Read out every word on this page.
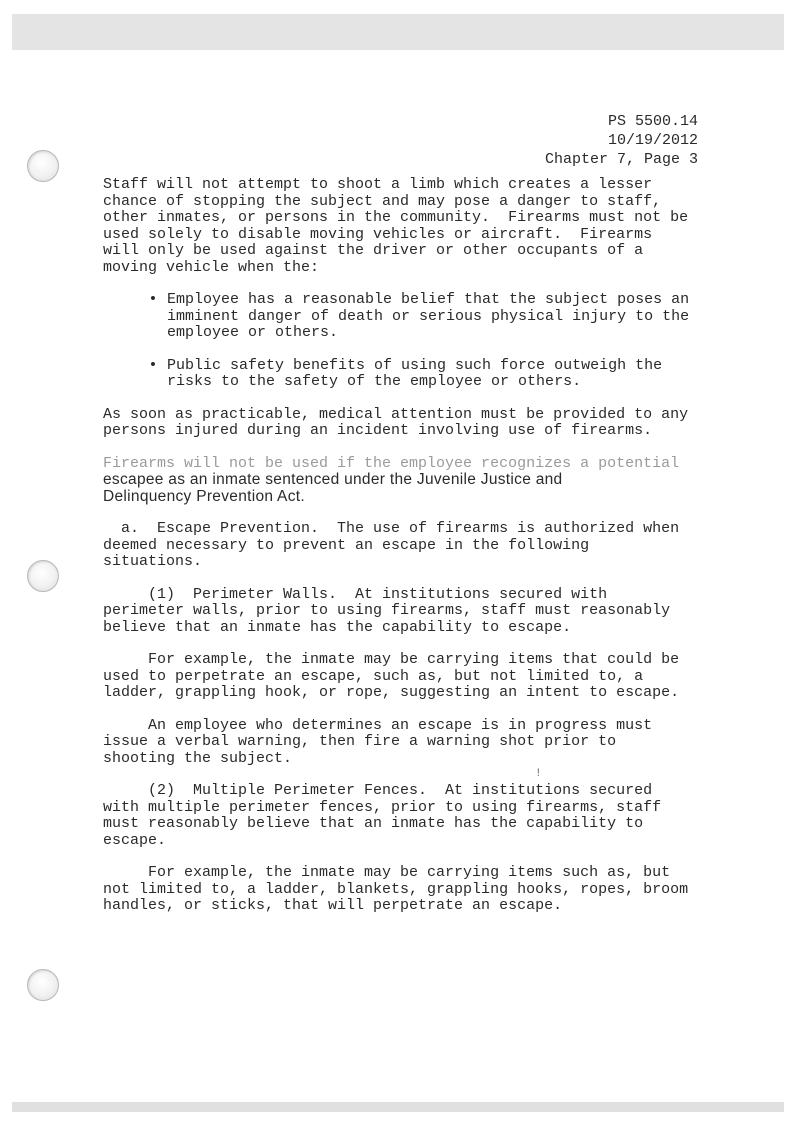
PS 5500.14
10/19/2012
Chapter 7, Page 3
Staff will not attempt to shoot a limb which creates a lesser
chance of stopping the subject and may pose a danger to staff,
other inmates, or persons in the community.  Firearms must not be
used solely to disable moving vehicles or aircraft.  Firearms
will only be used against the driver or other occupants of a
moving vehicle when the:
• Employee has a reasonable belief that the subject poses an
imminent danger of death or serious physical injury to the
employee or others.
• Public safety benefits of using such force outweigh the
risks to the safety of the employee or others.
As soon as practicable, medical attention must be provided to any
persons injured during an incident involving use of firearms.
Firearms will not be used if the employee recognizes a potential
escapee as an inmate sentenced under the Juvenile Justice and
Delinquency Prevention Act.
a.  Escape Prevention.  The use of firearms is authorized when
deemed necessary to prevent an escape in the following
situations.
(1)  Perimeter Walls.  At institutions secured with
perimeter walls, prior to using firearms, staff must reasonably
believe that an inmate has the capability to escape.
For example, the inmate may be carrying items that could be
used to perpetrate an escape, such as, but not limited to, a
ladder, grappling hook, or rope, suggesting an intent to escape.
An employee who determines an escape is in progress must
issue a verbal warning, then fire a warning shot prior to
shooting the subject.
(2)  Multiple Perimeter Fences.  At institutions secured
with multiple perimeter fences, prior to using firearms, staff
must reasonably believe that an inmate has the capability to
escape.
For example, the inmate may be carrying items such as, but
not limited to, a ladder, blankets, grappling hooks, ropes, broom
handles, or sticks, that will perpetrate an escape.
!
